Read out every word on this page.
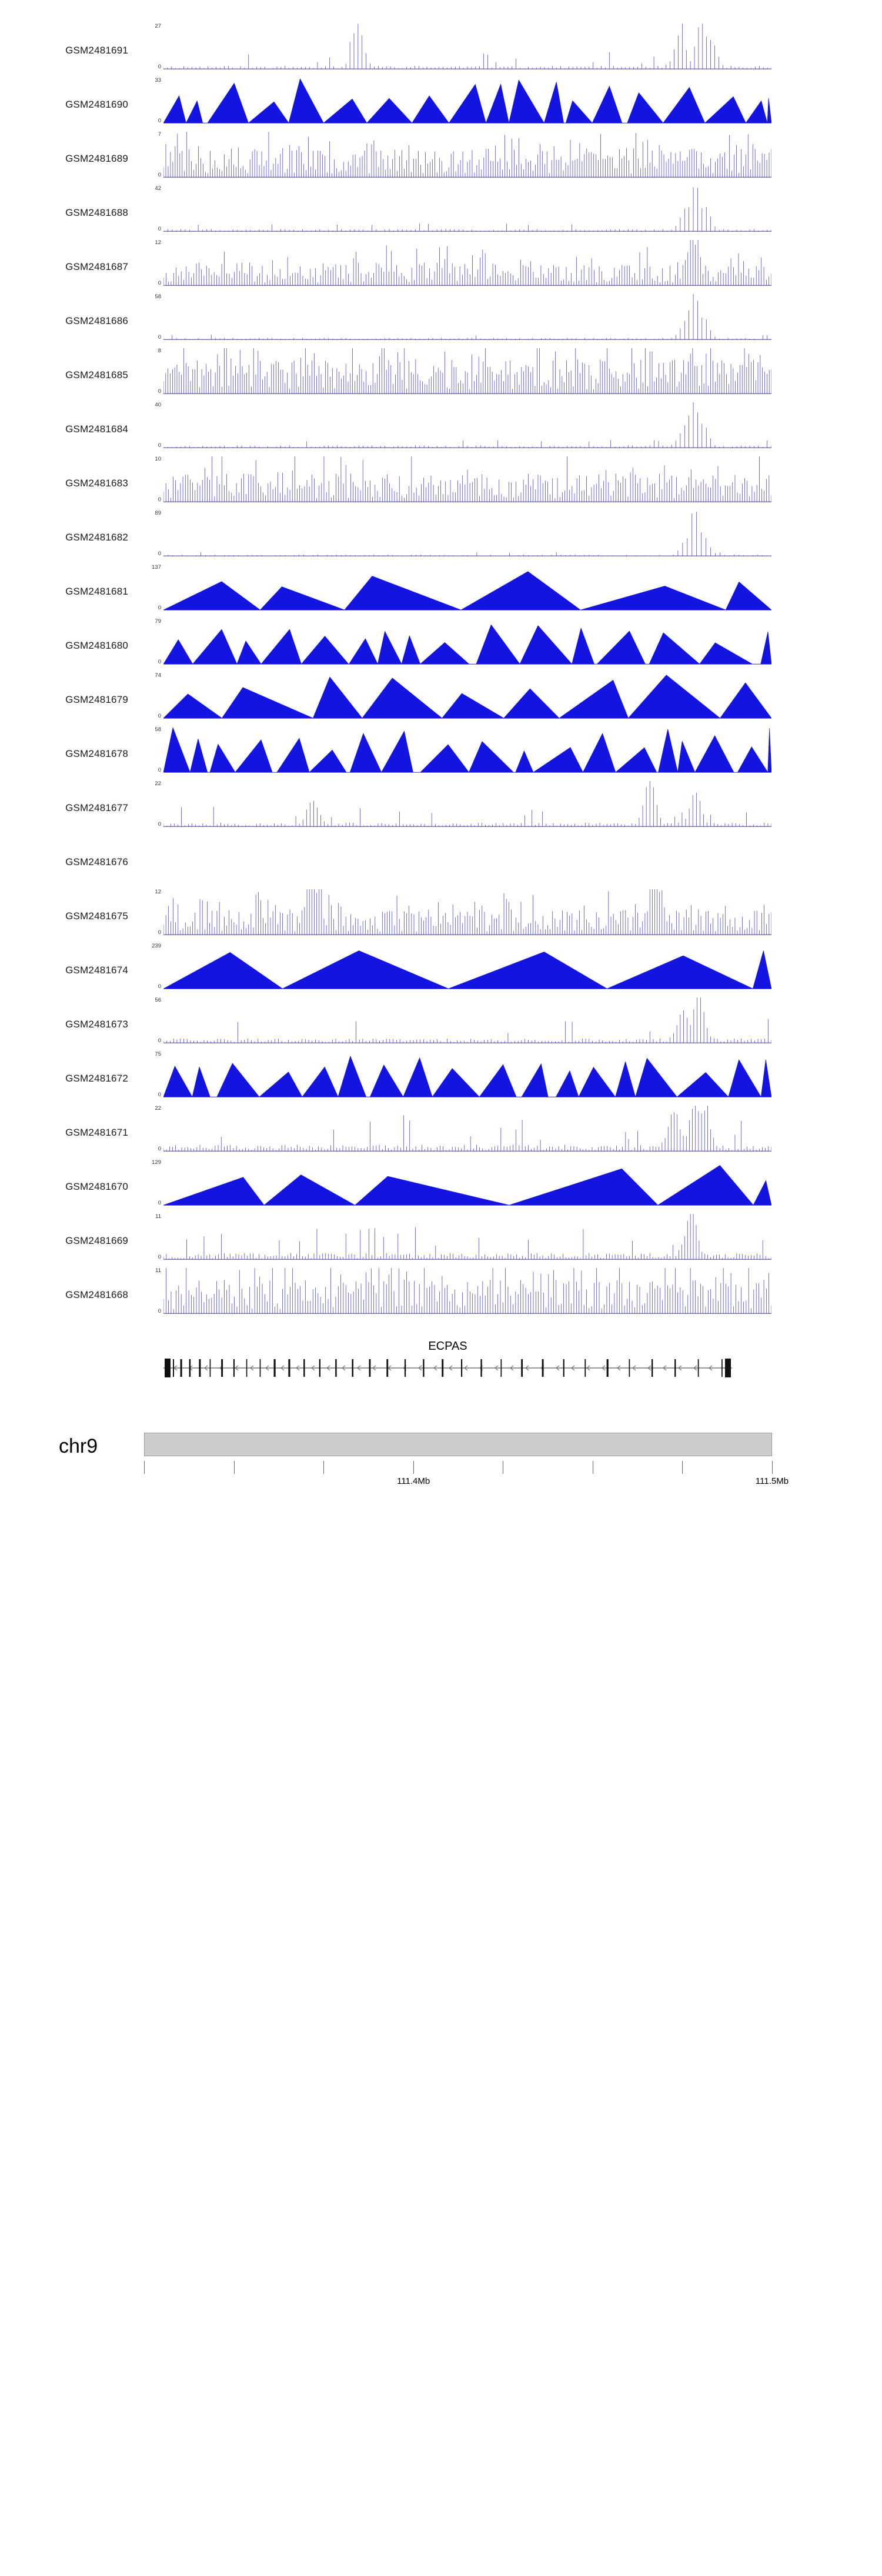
GSM2481691
27
0
GSM2481690
33
0
GSM2481689
7
0
GSM2481688
42
0
GSM2481687
12
0
GSM2481686
58
0
GSM2481685
8
0
GSM2481684
40
0
GSM2481683
10
0
GSM2481682
89
0
GSM2481681
137
0
GSM2481680
79
0
GSM2481679
74
0
GSM2481678
58
0
GSM2481677
22
0
GSM2481676
GSM2481675
12
0
GSM2481674
239
0
GSM2481673
56
0
GSM2481672
75
0
GSM2481671
22
0
GSM2481670
129
0
GSM2481669
11
0
GSM2481668
11
0
ECPAS
chr9
111.4Mb	111.5Mb
